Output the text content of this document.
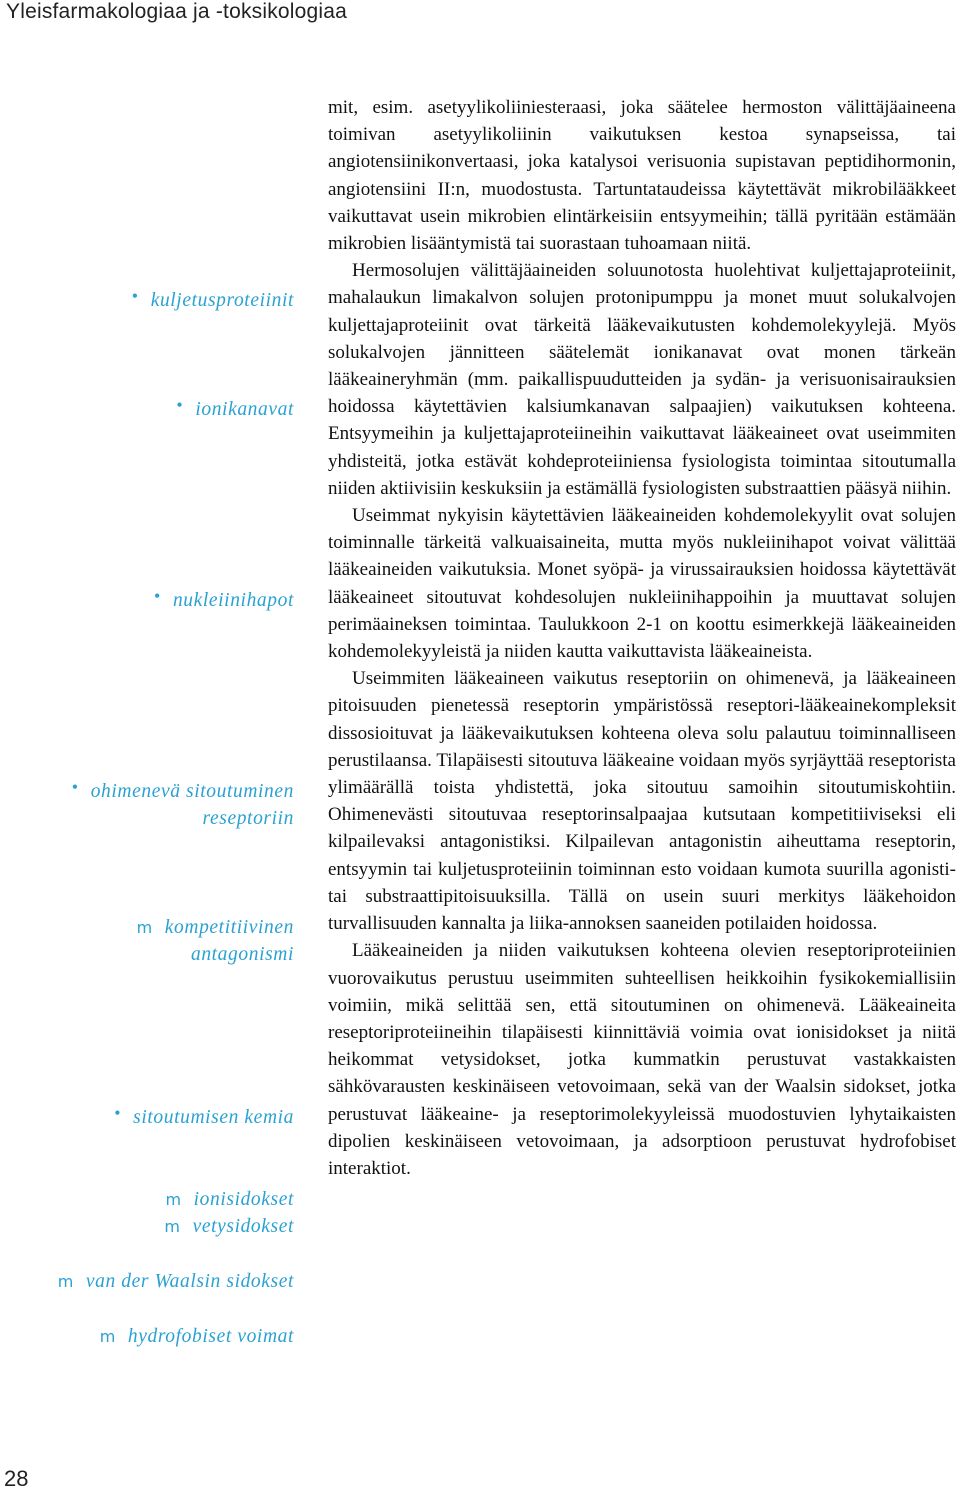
Yleisfarmakologiaa ja -toksikologiaa
• kuljetusproteiinit
• ionikanavat
• nukleiinihapot
• ohimenevä sitoutuminen
reseptoriin
m kompetitiivinen
antagonismi
• sitoutumisen kemia
m ionisidokset
m vetysidokset
m van der Waalsin sidokset
m hydrofobiset voimat

mit, esim. asetyylikoliiniesteraasi, joka säätelee hermoston välittäjäaineena toimivan asetyylikoliinin vaikutuksen kestoa synapseissa, tai angiotensiinikonvertaasi, joka katalysoi verisuonia supistavan peptidihormonin, angiotensiini II:n, muodostusta. Tartuntataudeissa käytettävät mikrobilääkkeet vaikuttavat usein mikrobien elintärkeisiin entsyymeihin; tällä pyritään estämään mikrobien lisääntymistä tai suorastaan tuhoamaan niitä.

Hermosolujen välittäjäaineiden soluunotosta huolehtivat kuljettajaproteiinit, mahalaukun limakalvon solujen protonipumppu ja monet muut solukalvojen kuljettajaproteiinit ovat tärkeitä lääkevaikutusten kohdemolekyylejä. Myös solukalvojen jännitteen säätelemät ionikanavat ovat monen tärkeän lääkeaineryhmän (mm. paikallispuudutteiden ja sydän- ja verisuonisairauksien hoidossa käytettävien kalsiumkanavan salpaajien) vaikutuksen kohteena. Entsyymeihin ja kuljettajaproteiineihin vaikuttavat lääkeaineet ovat useimmiten yhdisteitä, jotka estävät kohdeproteiiniensa fysiologista toimintaa sitoutumalla niiden aktiivisiin keskuksiin ja estämällä fysiologisten substraattien pääsyä niihin.

Useimmat nykyisin käytettävien lääkeaineiden kohdemolekyylit ovat solujen toiminnalle tärkeitä valkuaisaineita, mutta myös nukleiinihapot voivat välittää lääkeaineiden vaikutuksia. Monet syöpä- ja virussairauksien hoidossa käytettävät lääkeaineet sitoutuvat kohdesolujen nukleiinihappoihin ja muuttavat solujen perimäaineksen toimintaa. Taulukkoon 2-1 on koottu esimerkkejä lääkeaineiden kohdemolekyyleistä ja niiden kautta vaikuttavista lääkeaineista.

Useimmiten lääkeaineen vaikutus reseptoriin on ohimenevä, ja lääkeaineen pitoisuuden pienetessä reseptorin ympäristössä reseptori-lääkeainekompleksit dissosioituvat ja lääkevaikutuksen kohteena oleva solu palautuu toiminnalliseen perustilaansa. Tilapäisesti sitoutuva lääkeaine voidaan myös syrjäyttää reseptorista ylimäärällä toista yhdistettä, joka sitoutuu samoihin sitoutumiskohtiin. Ohimenevästi sitoutuvaa reseptorinsalpaajaa kutsutaan kompetitiiviseksi eli kilpailevaksi antagonistiksi. Kilpailevan antagonistin aiheuttama reseptorin, entsyymin tai kuljetusproteiinin toiminnan esto voidaan kumota suurilla agonisti- tai substraattipitoisuuksilla. Tällä on usein suuri merkitys lääkehoidon turvallisuuden kannalta ja liika-annoksen saaneiden potilaiden hoidossa.

Lääkeaineiden ja niiden vaikutuksen kohteena olevien reseptoriproteiinien vuorovaikutus perustuu useimmiten suhteellisen heikkoihin fysikokemiallisiin voimiin, mikä selittää sen, että sitoutuminen on ohimenevä. Lääkeaineita reseptoriproteiineihin tilapäisesti kiinnittäviä voimia ovat ionisidokset ja niitä heikommat vetysidokset, jotka kummatkin perustuvat vastakkaisten sähkövarausten keskinäiseen vetovoimaan, sekä van der Waalsin sidokset, jotka perustuvat lääkeaine- ja reseptorimolekyyleissä muodostuvien lyhytaikaisten dipolien keskinäiseen vetovoimaan, ja adsorptioon perustuvat hydrofobiset interaktiot.

28
